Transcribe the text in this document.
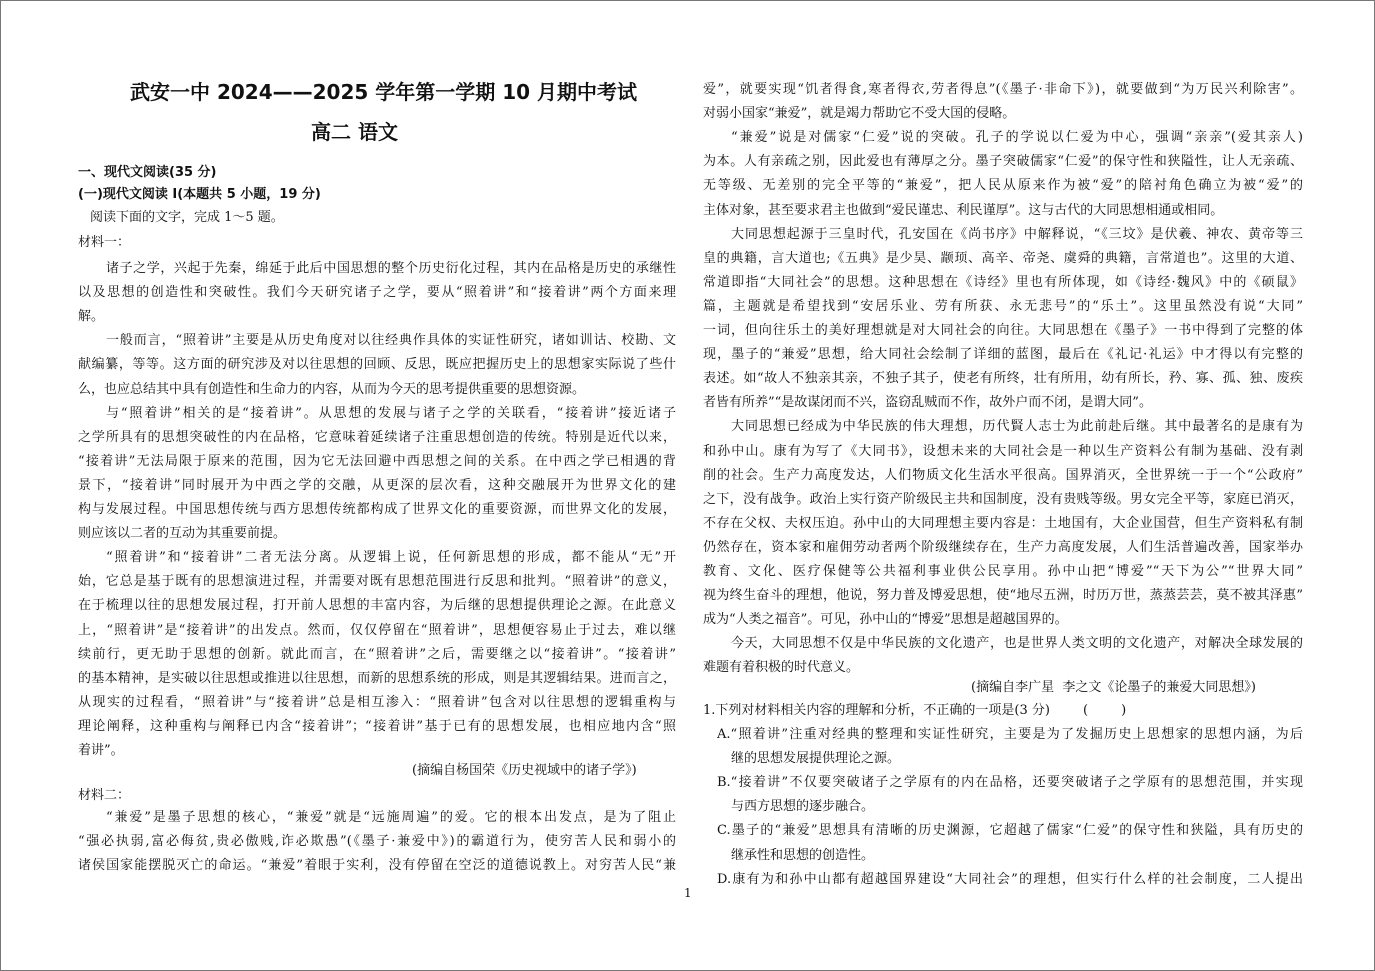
武安一中 2024——2025 学年第一学期 10 月期中考试
高二 语文
一、现代文阅读(35 分)
(一)现代文阅读 I(本题共 5 小题，19 分)
阅读下面的文字，完成 1～5 题。
材料一：
诸子之学，兴起于先秦，绵延于此后中国思想的整个历史衍化过程，其内在品格是历史的承继性
以及思想的创造性和突破性。我们今天研究诸子之学，要从“照着讲”和“接着讲”两个方面来理
解。
一般而言，“照着讲”主要是从历史角度对以往经典作具体的实证性研究，诸如训诂、校勘、文
献编纂，等等。这方面的研究涉及对以往思想的回顾、反思，既应把握历史上的思想家实际说了些什
么，也应总结其中具有创造性和生命力的内容，从而为今天的思考提供重要的思想资源。
与“照着讲”相关的是“接着讲”。从思想的发展与诸子之学的关联看，“接着讲”接近诸子
之学所具有的思想突破性的内在品格，它意味着延续诸子注重思想创造的传统。特别是近代以来，
“接着讲”无法局限于原来的范围，因为它无法回避中西思想之间的关系。在中西之学已相遇的背
景下，“接着讲”同时展开为中西之学的交融，从更深的层次看，这种交融展开为世界文化的建
构与发展过程。中国思想传统与西方思想传统都构成了世界文化的重要资源，而世界文化的发展，
则应该以二者的互动为其重要前提。
“照着讲”和“接着讲”二者无法分离。从逻辑上说，任何新思想的形成，都不能从“无”开
始，它总是基于既有的思想演进过程，并需要对既有思想范围进行反思和批判。“照着讲”的意义，
在于梳理以往的思想发展过程，打开前人思想的丰富内容，为后继的思想提供理论之源。在此意义
上，“照着讲”是“接着讲”的出发点。然而，仅仅停留在“照着讲”，思想便容易止于过去，难以继
续前行，更无助于思想的创新。就此而言，在“照着讲”之后，需要继之以“接着讲”。“接着讲”
的基本精神，是实破以往思想或推进以往思想，而新的思想系统的形成，则是其逻辑结果。进而言之，
从现实的过程看，“照着讲”与“接着讲”总是相互渗入：“照着讲”包含对以往思想的逻辑重构与
理论阐释，这种重构与阐释已内含“接着讲”；“接着讲”基于已有的思想发展，也相应地内含“照
着讲”。
(摘编自杨国荣《历史视域中的诸子学》)
材料二：
“兼爱”是墨子思想的核心，“兼爱”就是“远施周遍”的爱。它的根本出发点，是为了阻止
“强必执弱,富必侮贫,贵必傲贱,诈必欺愚”(《墨子·兼爱中》)的霸道行为，使穷苦人民和弱小的
诸侯国家能摆脱灭亡的命运。“兼爱”着眼于实利，没有停留在空泛的道德说教上。对穷苦人民“兼
爱”，就要实现“饥者得食,寒者得衣,劳者得息”(《墨子·非命下》)，就要做到“为万民兴利除害”。
对弱小国家“兼爱”，就是竭力帮助它不受大国的侵略。
“兼爱”说是对儒家“仁爱”说的突破。孔子的学说以仁爱为中心，强调“亲亲”(爱其亲人)
为本。人有亲疏之别，因此爱也有薄厚之分。墨子突破儒家“仁爱”的保守性和狭隘性，让人无亲疏、
无等级、无差别的完全平等的“兼爱”，把人民从原来作为被“爱”的陪衬角色确立为被“爱”的
主体对象，甚至要求君主也做到“爱民谨忠、利民谨厚”。这与古代的大同思想相通或相同。
大同思想起源于三皇时代，孔安国在《尚书序》中解释说，“《三坟》是伏羲、神农、黄帝等三
皇的典籍，言大道也;《五典》是少昊、颛顼、高辛、帝尧、虞舜的典籍，言常道也”。这里的大道、
常道即指“大同社会”的思想。这种思想在《诗经》里也有所体现，如《诗经·魏风》中的《硕鼠》
篇，主题就是希望找到“安居乐业、劳有所获、永无悲号”的“乐土”。这里虽然没有说“大同”
一词，但向往乐土的美好理想就是对大同社会的向往。大同思想在《墨子》一书中得到了完整的体
现，墨子的“兼爱”思想，给大同社会绘制了详细的蓝图，最后在《礼记·礼运》中才得以有完整的
表述。如“故人不独亲其亲，不独子其子，使老有所终，壮有所用，幼有所长，矜、寡、孤、独、废疾
者皆有所养”“是故谋闭而不兴，盗窃乱贼而不作，故外户而不闭，是谓大同”。
大同思想已经成为中华民族的伟大理想，历代賢人志士为此前赴后继。其中最著名的是康有为
和孙中山。康有为写了《大同书》，设想未来的大同社会是一种以生产资料公有制为基础、没有剥
削的社会。生产力高度发达，人们物质文化生活水平很高。国界消灭，全世界统一于一个“公政府”
之下，没有战争。政治上实行资产阶级民主共和国制度，没有贵贱等级。男女完全平等，家庭已消灭，
不存在父权、夫权压迫。孙中山的大同理想主要内容是：土地国有，大企业国营，但生产资料私有制
仍然存在，资本家和雇佣劳动者两个阶级继续存在，生产力高度发展，人们生活普遍改善，国家举办
教育、文化、医疗保健等公共福利事业供公民享用。孙中山把“博爱”“天下为公”“世界大同”
视为终生奋斗的理想，他说，努力普及博爱思想，使“地尽五洲，时历万世，蒸蒸芸芸，莫不被其泽惠”
成为“人类之福音”。可见，孙中山的“博爱”思想是超越国界的。
今天，大同思想不仅是中华民族的文化遗产，也是世界人类文明的文化遗产，对解决全球发展的
难题有着积极的时代意义。
(摘编自李广星  李之文《论墨子的兼爱大同思想》)
1.下列对材料相关内容的理解和分析，不正确的一项是(3 分)        (        )
A.“照着讲”注重对经典的整理和实证性研究，主要是为了发掘历史上思想家的思想内涵，为后
继的思想发展提供理论之源。
B.“接着讲”不仅要突破诸子之学原有的内在品格，还要突破诸子之学原有的思想范围，并实现
与西方思想的逐步融合。
C.墨子的“兼爱”思想具有清晰的历史渊源，它超越了儒家“仁爱”的保守性和狭隘，具有历史的
继承性和思想的创造性。
D.康有为和孙中山都有超越国界建设“大同社会”的理想，但实行什么样的社会制度，二人提出
1
